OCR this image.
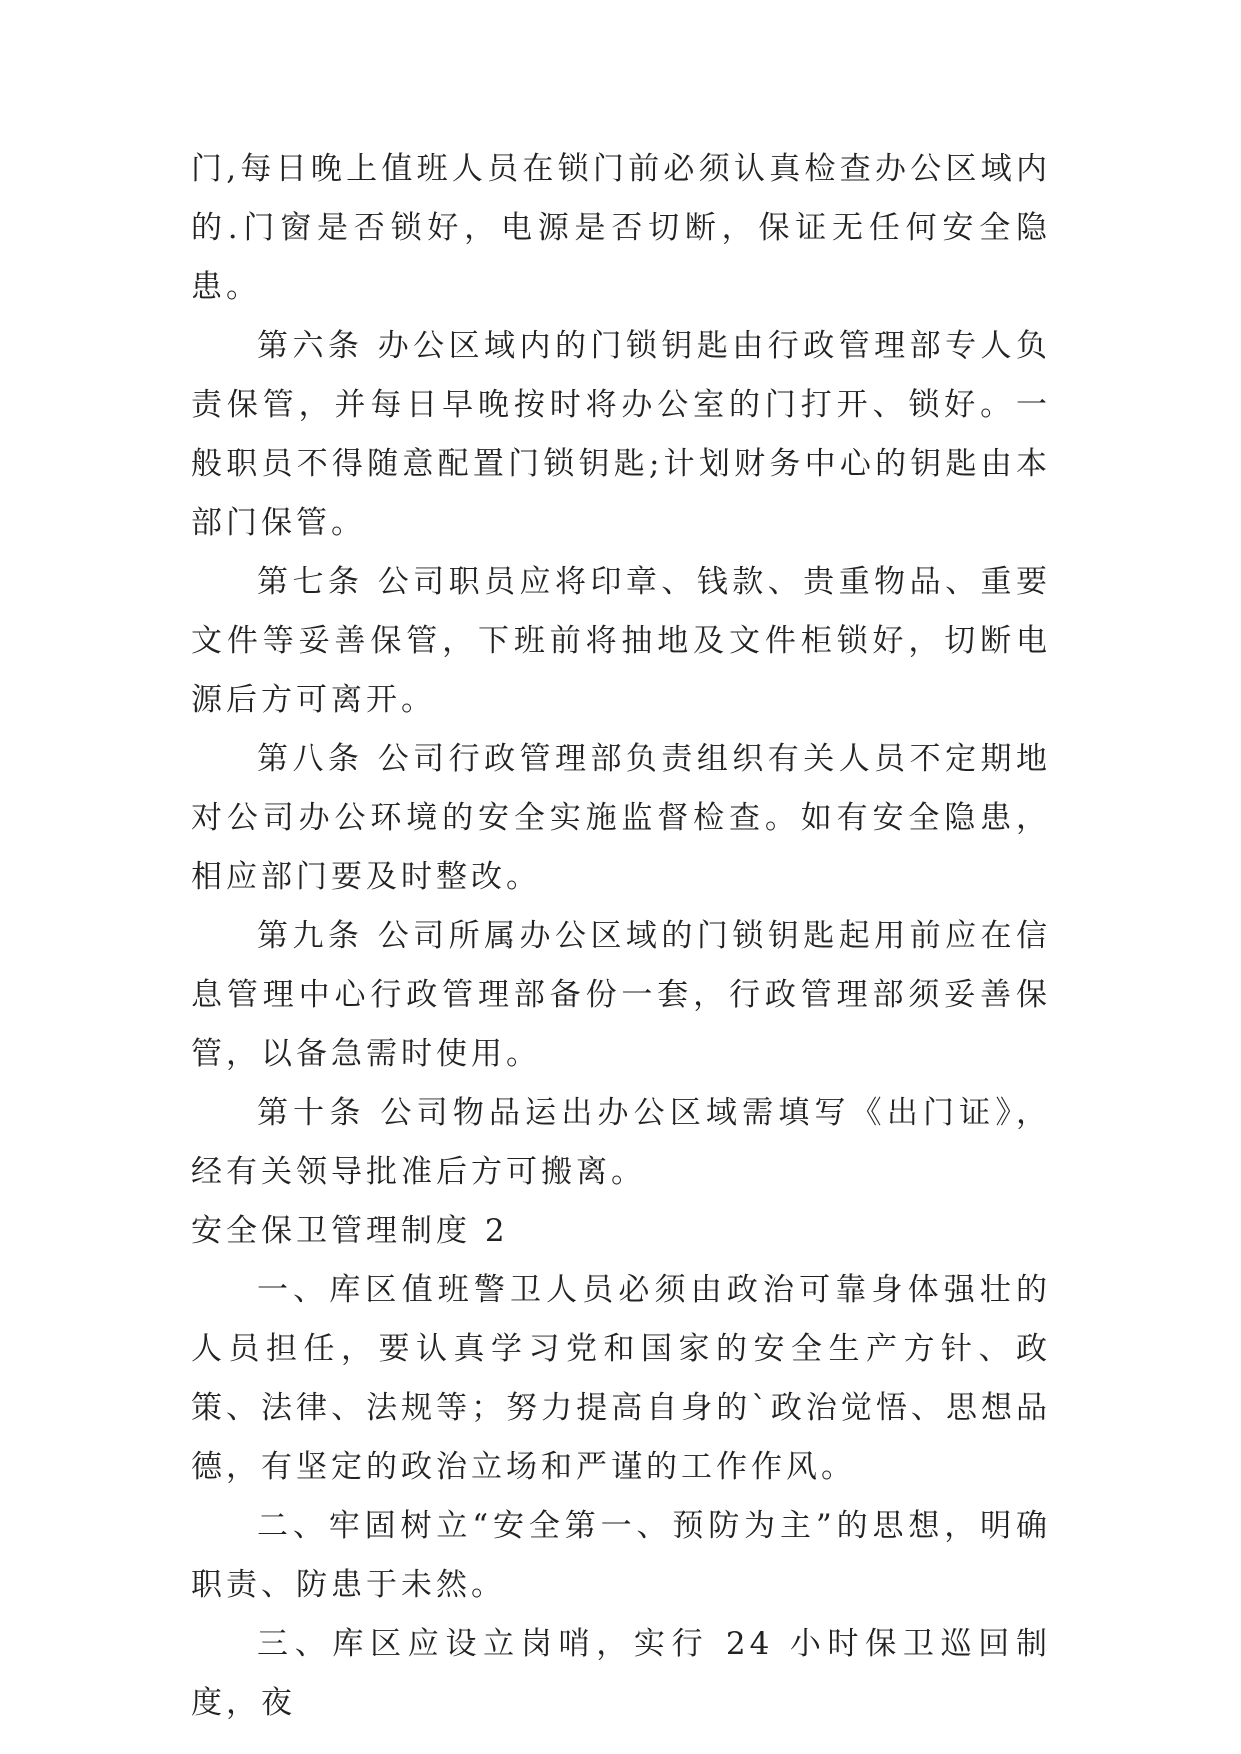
门,每日晚上值班人员在锁门前必须认真检查办公区域内的.门窗是否锁好，电源是否切断，保证无任何安全隐患。

第六条 办公区域内的门锁钥匙由行政管理部专人负责保管，并每日早晚按时将办公室的门打开、锁好。一般职员不得随意配置门锁钥匙;计划财务中心的钥匙由本部门保管。

第七条 公司职员应将印章、钱款、贵重物品、重要文件等妥善保管，下班前将抽地及文件柜锁好，切断电源后方可离开。

第八条 公司行政管理部负责组织有关人员不定期地对公司办公环境的安全实施监督检查。如有安全隐患，相应部门要及时整改。

第九条 公司所属办公区域的门锁钥匙起用前应在信息管理中心行政管理部备份一套，行政管理部须妥善保管，以备急需时使用。

第十条 公司物品运出办公区域需填写《出门证》，经有关领导批准后方可搬离。

安全保卫管理制度 2

一、库区值班警卫人员必须由政治可靠身体强壮的人员担任，要认真学习党和国家的安全生产方针、政策、法律、法规等；努力提高自身的`政治觉悟、思想品德，有坚定的政治立场和严谨的工作作风。

二、牢固树立“安全第一、预防为主”的思想，明确职责、防患于未然。

三、库区应设立岗哨，实行 24 小时保卫巡回制度，夜
